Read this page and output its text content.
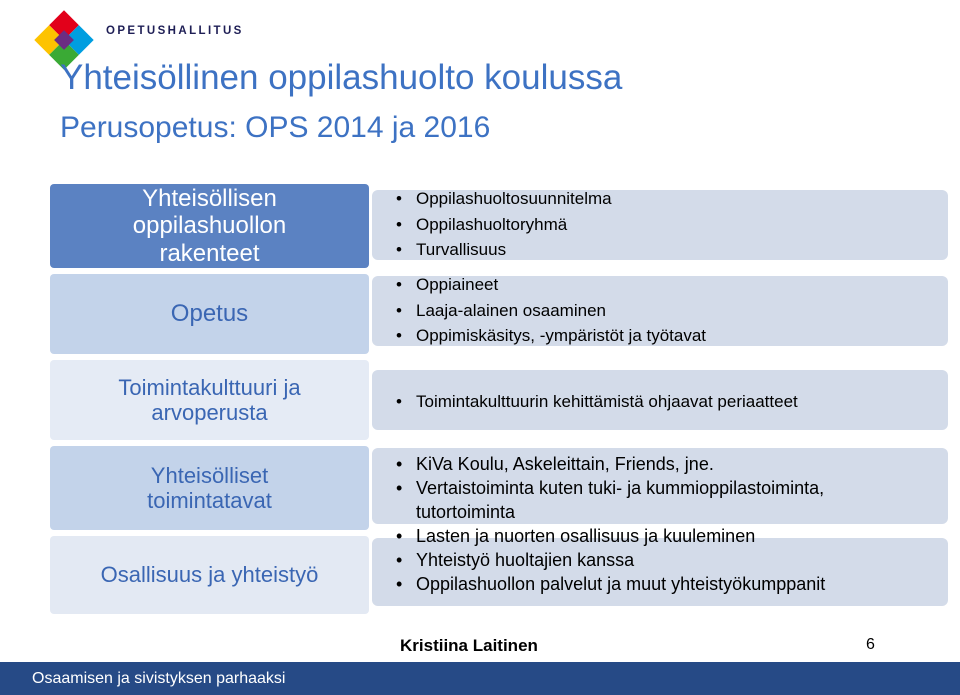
OPETUSHALLITUS
Yhteisöllinen oppilashuolto koulussa
Perusopetus: OPS 2014 ja 2016
Yhteisöllisen
oppilashuollon
rakenteet
Opetus
Toimintakulttuuri ja
arvoperusta
Yhteisölliset
toimintatavat
Osallisuus ja yhteistyö
• Oppilashuoltosuunnitelma
• Oppilashuoltoryhmä
• Turvallisuus
• Oppiaineet
• Laaja-alainen osaaminen
• Oppimiskäsitys, -ympäristöt ja työtavat
• Toimintakulttuurin kehittämistä ohjaavat periaatteet
• KiVa Koulu, Askeleittain, Friends, jne.
• Vertaistoiminta kuten tuki- ja kummioppilastoiminta, tutortoiminta
• Lasten ja nuorten osallisuus ja kuuleminen
• Yhteistyö huoltajien kanssa
• Oppilashuollon palvelut ja muut yhteistyökumppanit
Kristiina Laitinen	6
Osaamisen ja sivistyksen parhaaksi
